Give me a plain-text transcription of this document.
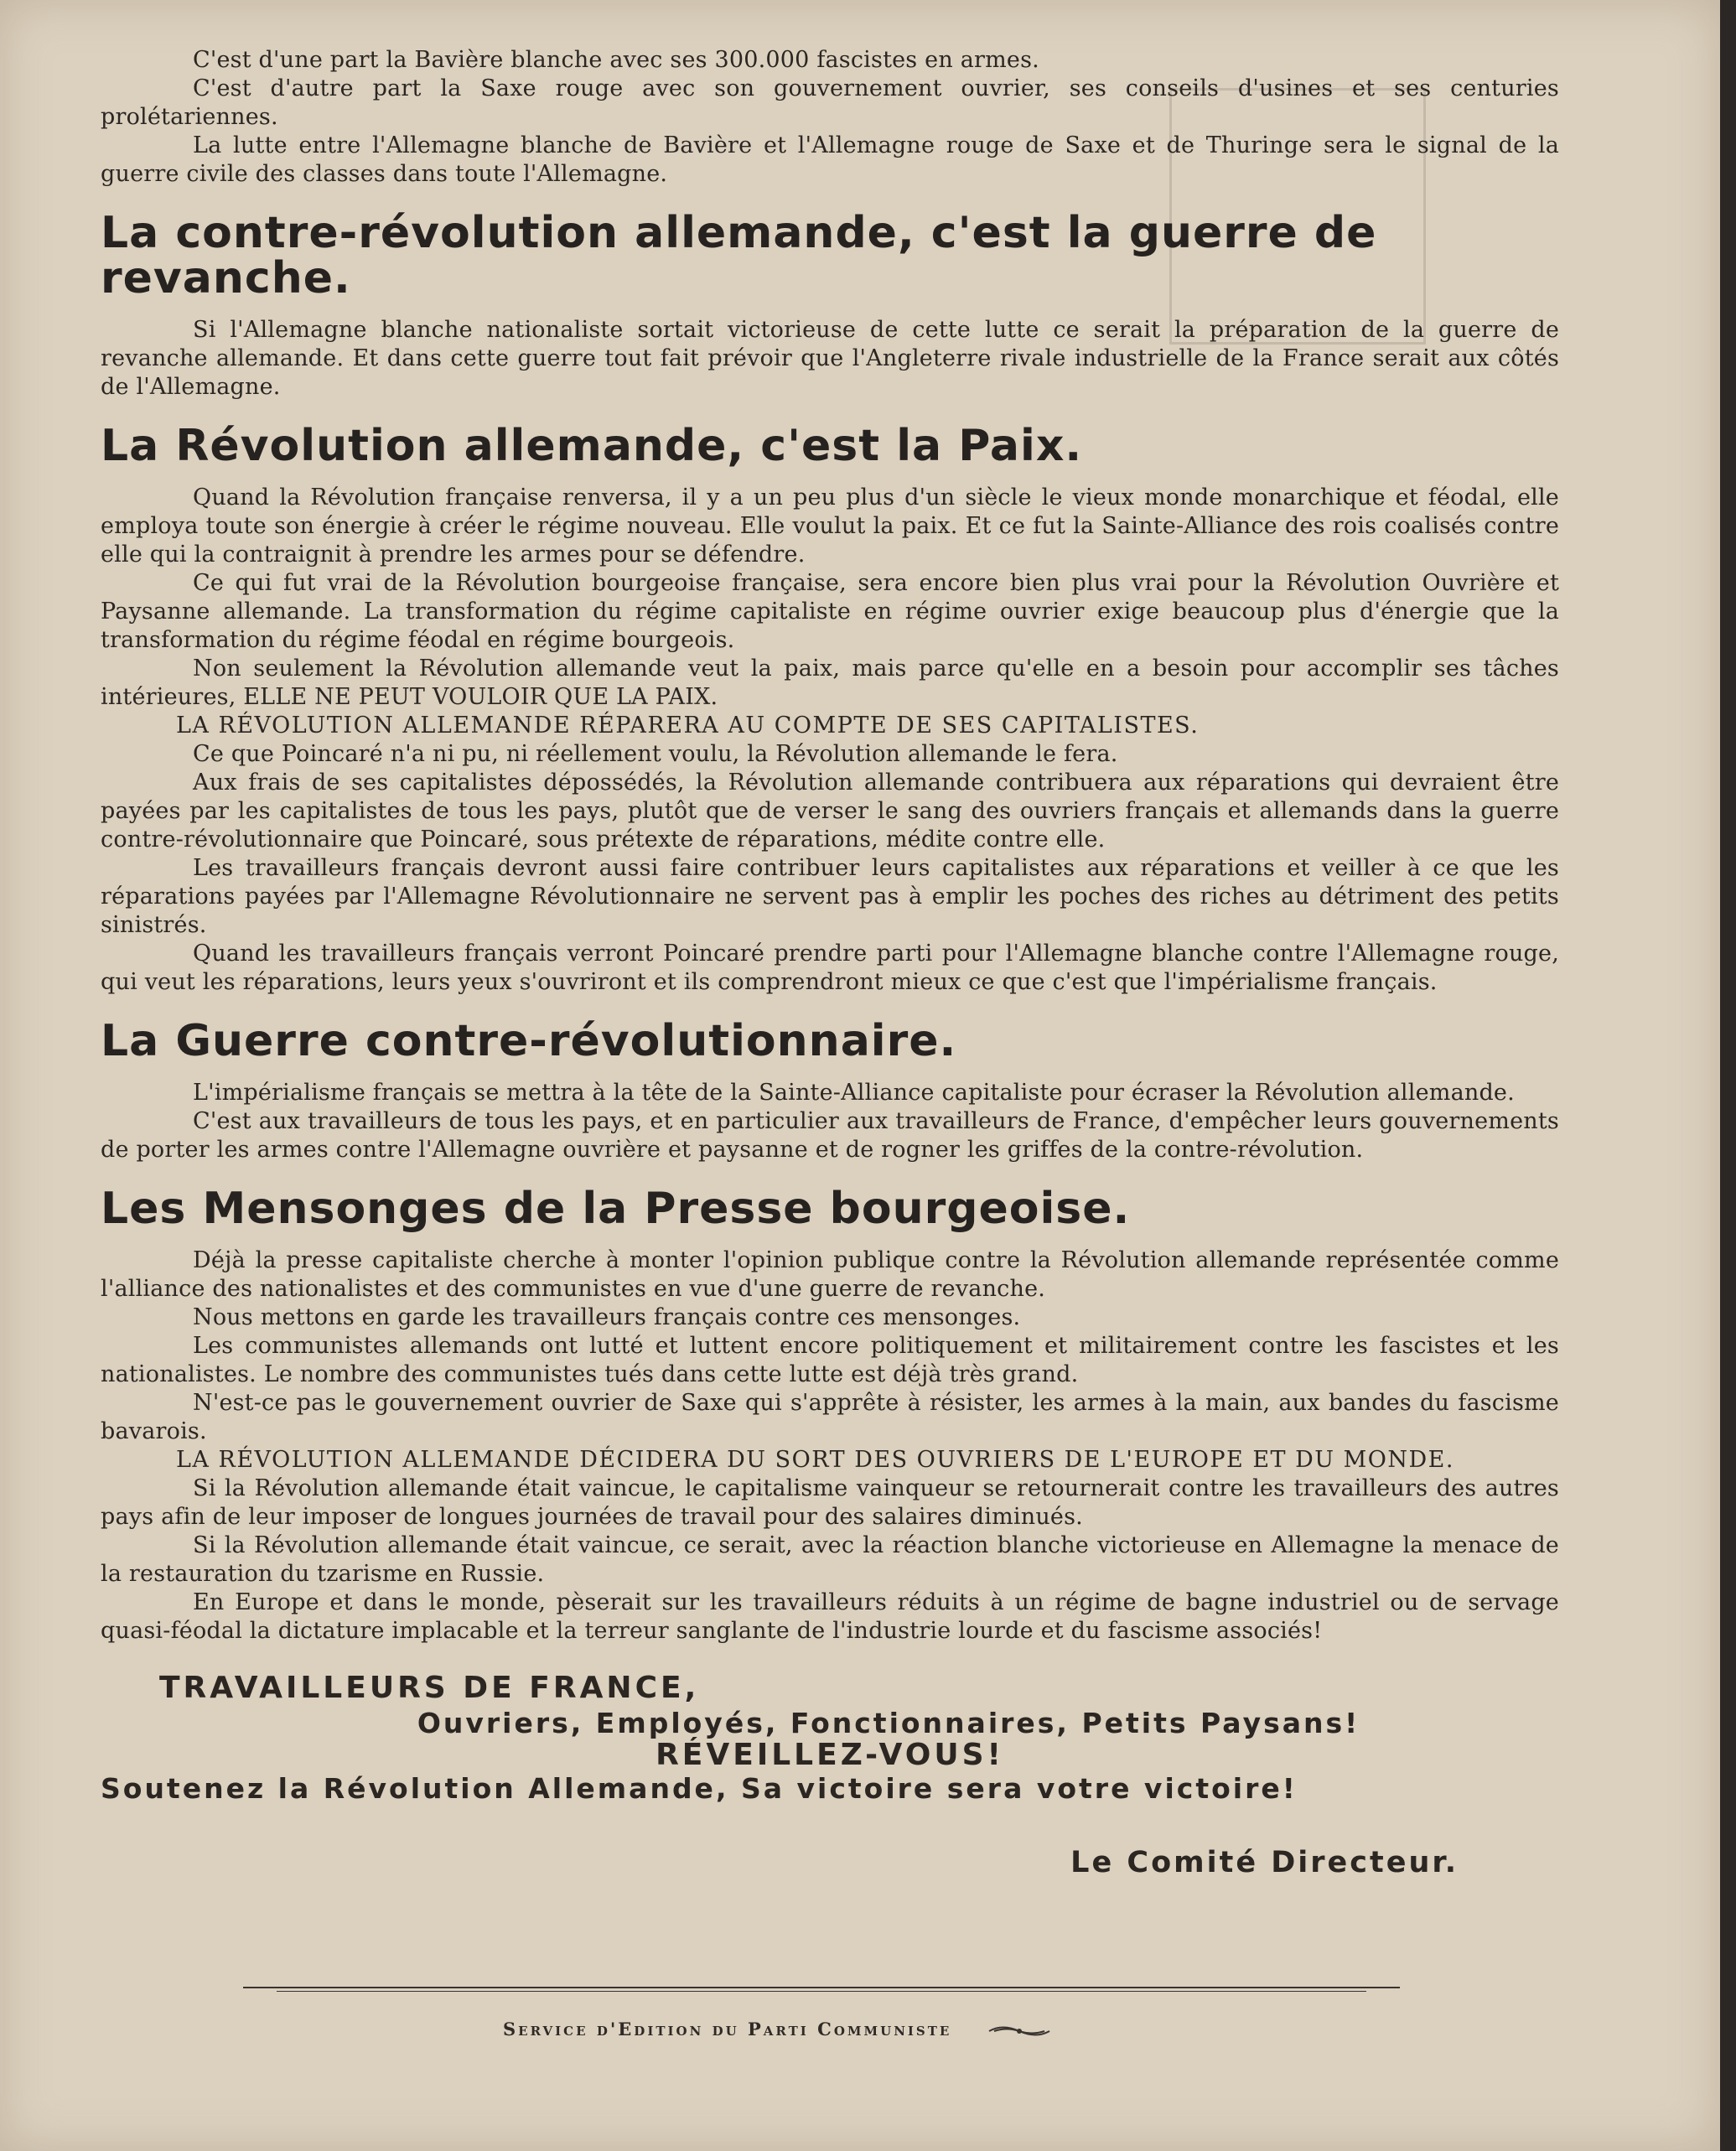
C'est d'une part la Bavière blanche avec ses 300.000 fascistes en armes.

C'est d'autre part la Saxe rouge avec son gouvernement ouvrier, ses conseils d'usines et ses centuries prolétariennes.

La lutte entre l'Allemagne blanche de Bavière et l'Allemagne rouge de Saxe et de Thuringe sera le signal de la guerre civile des classes dans toute l'Allemagne.

La contre-révolution allemande, c'est la guerre de revanche.

Si l'Allemagne blanche nationaliste sortait victorieuse de cette lutte ce serait la préparation de la guerre de revanche allemande. Et dans cette guerre tout fait prévoir que l'Angleterre rivale industrielle de la France serait aux côtés de l'Allemagne.

La Révolution allemande, c'est la Paix.

Quand la Révolution française renversa, il y a un peu plus d'un siècle le vieux monde monarchique et féodal, elle employa toute son énergie à créer le régime nouveau. Elle voulut la paix. Et ce fut la Sainte-Alliance des rois coalisés contre elle qui la contraignit à prendre les armes pour se défendre.

Ce qui fut vrai de la Révolution bourgeoise française, sera encore bien plus vrai pour la Révolution Ouvrière et Paysanne allemande. La transformation du régime capitaliste en régime ouvrier exige beaucoup plus d'énergie que la transformation du régime féodal en régime bourgeois.

Non seulement la Révolution allemande veut la paix, mais parce qu'elle en a besoin pour accomplir ses tâches intérieures, ELLE NE PEUT VOULOIR QUE LA PAIX.

LA RÉVOLUTION ALLEMANDE RÉPARERA AU COMPTE DE SES CAPITALISTES.

Ce que Poincaré n'a ni pu, ni réellement voulu, la Révolution allemande le fera.

Aux frais de ses capitalistes dépossédés, la Révolution allemande contribuera aux réparations qui devraient être payées par les capitalistes de tous les pays, plutôt que de verser le sang des ouvriers français et allemands dans la guerre contre-révolutionnaire que Poincaré, sous prétexte de réparations, médite contre elle.

Les travailleurs français devront aussi faire contribuer leurs capitalistes aux réparations et veiller à ce que les réparations payées par l'Allemagne Révolutionnaire ne servent pas à emplir les poches des riches au détriment des petits sinistrés.

Quand les travailleurs français verront Poincaré prendre parti pour l'Allemagne blanche contre l'Allemagne rouge, qui veut les réparations, leurs yeux s'ouvriront et ils comprendront mieux ce que c'est que l'impérialisme français.

La Guerre contre-révolutionnaire.

L'impérialisme français se mettra à la tête de la Sainte-Alliance capitaliste pour écraser la Révolution allemande.

C'est aux travailleurs de tous les pays, et en particulier aux travailleurs de France, d'empêcher leurs gouvernements de porter les armes contre l'Allemagne ouvrière et paysanne et de rogner les griffes de la contre-révolution.

Les Mensonges de la Presse bourgeoise.

Déjà la presse capitaliste cherche à monter l'opinion publique contre la Révolution allemande représentée comme l'alliance des nationalistes et des communistes en vue d'une guerre de revanche.

Nous mettons en garde les travailleurs français contre ces mensonges.

Les communistes allemands ont lutté et luttent encore politiquement et militairement contre les fascistes et les nationalistes. Le nombre des communistes tués dans cette lutte est déjà très grand.

N'est-ce pas le gouvernement ouvrier de Saxe qui s'apprête à résister, les armes à la main, aux bandes du fascisme bavarois.

LA RÉVOLUTION ALLEMANDE DÉCIDERA DU SORT DES OUVRIERS DE L'EUROPE ET DU MONDE.

Si la Révolution allemande était vaincue, le capitalisme vainqueur se retournerait contre les travailleurs des autres pays afin de leur imposer de longues journées de travail pour des salaires diminués.

Si la Révolution allemande était vaincue, ce serait, avec la réaction blanche victorieuse en Allemagne la menace de la restauration du tzarisme en Russie.

En Europe et dans le monde, pèserait sur les travailleurs réduits à un régime de bagne industriel ou de servage quasi-féodal la dictature implacable et la terreur sanglante de l'industrie lourde et du fascisme associés!

TRAVAILLEURS DE FRANCE,

Ouvriers, Employés, Fonctionnaires, Petits Paysans!

RÉVEILLEZ-VOUS!

Soutenez la Révolution Allemande, Sa victoire sera votre victoire!

Le Comité Directeur.

Service d'Edition du Parti Communiste
